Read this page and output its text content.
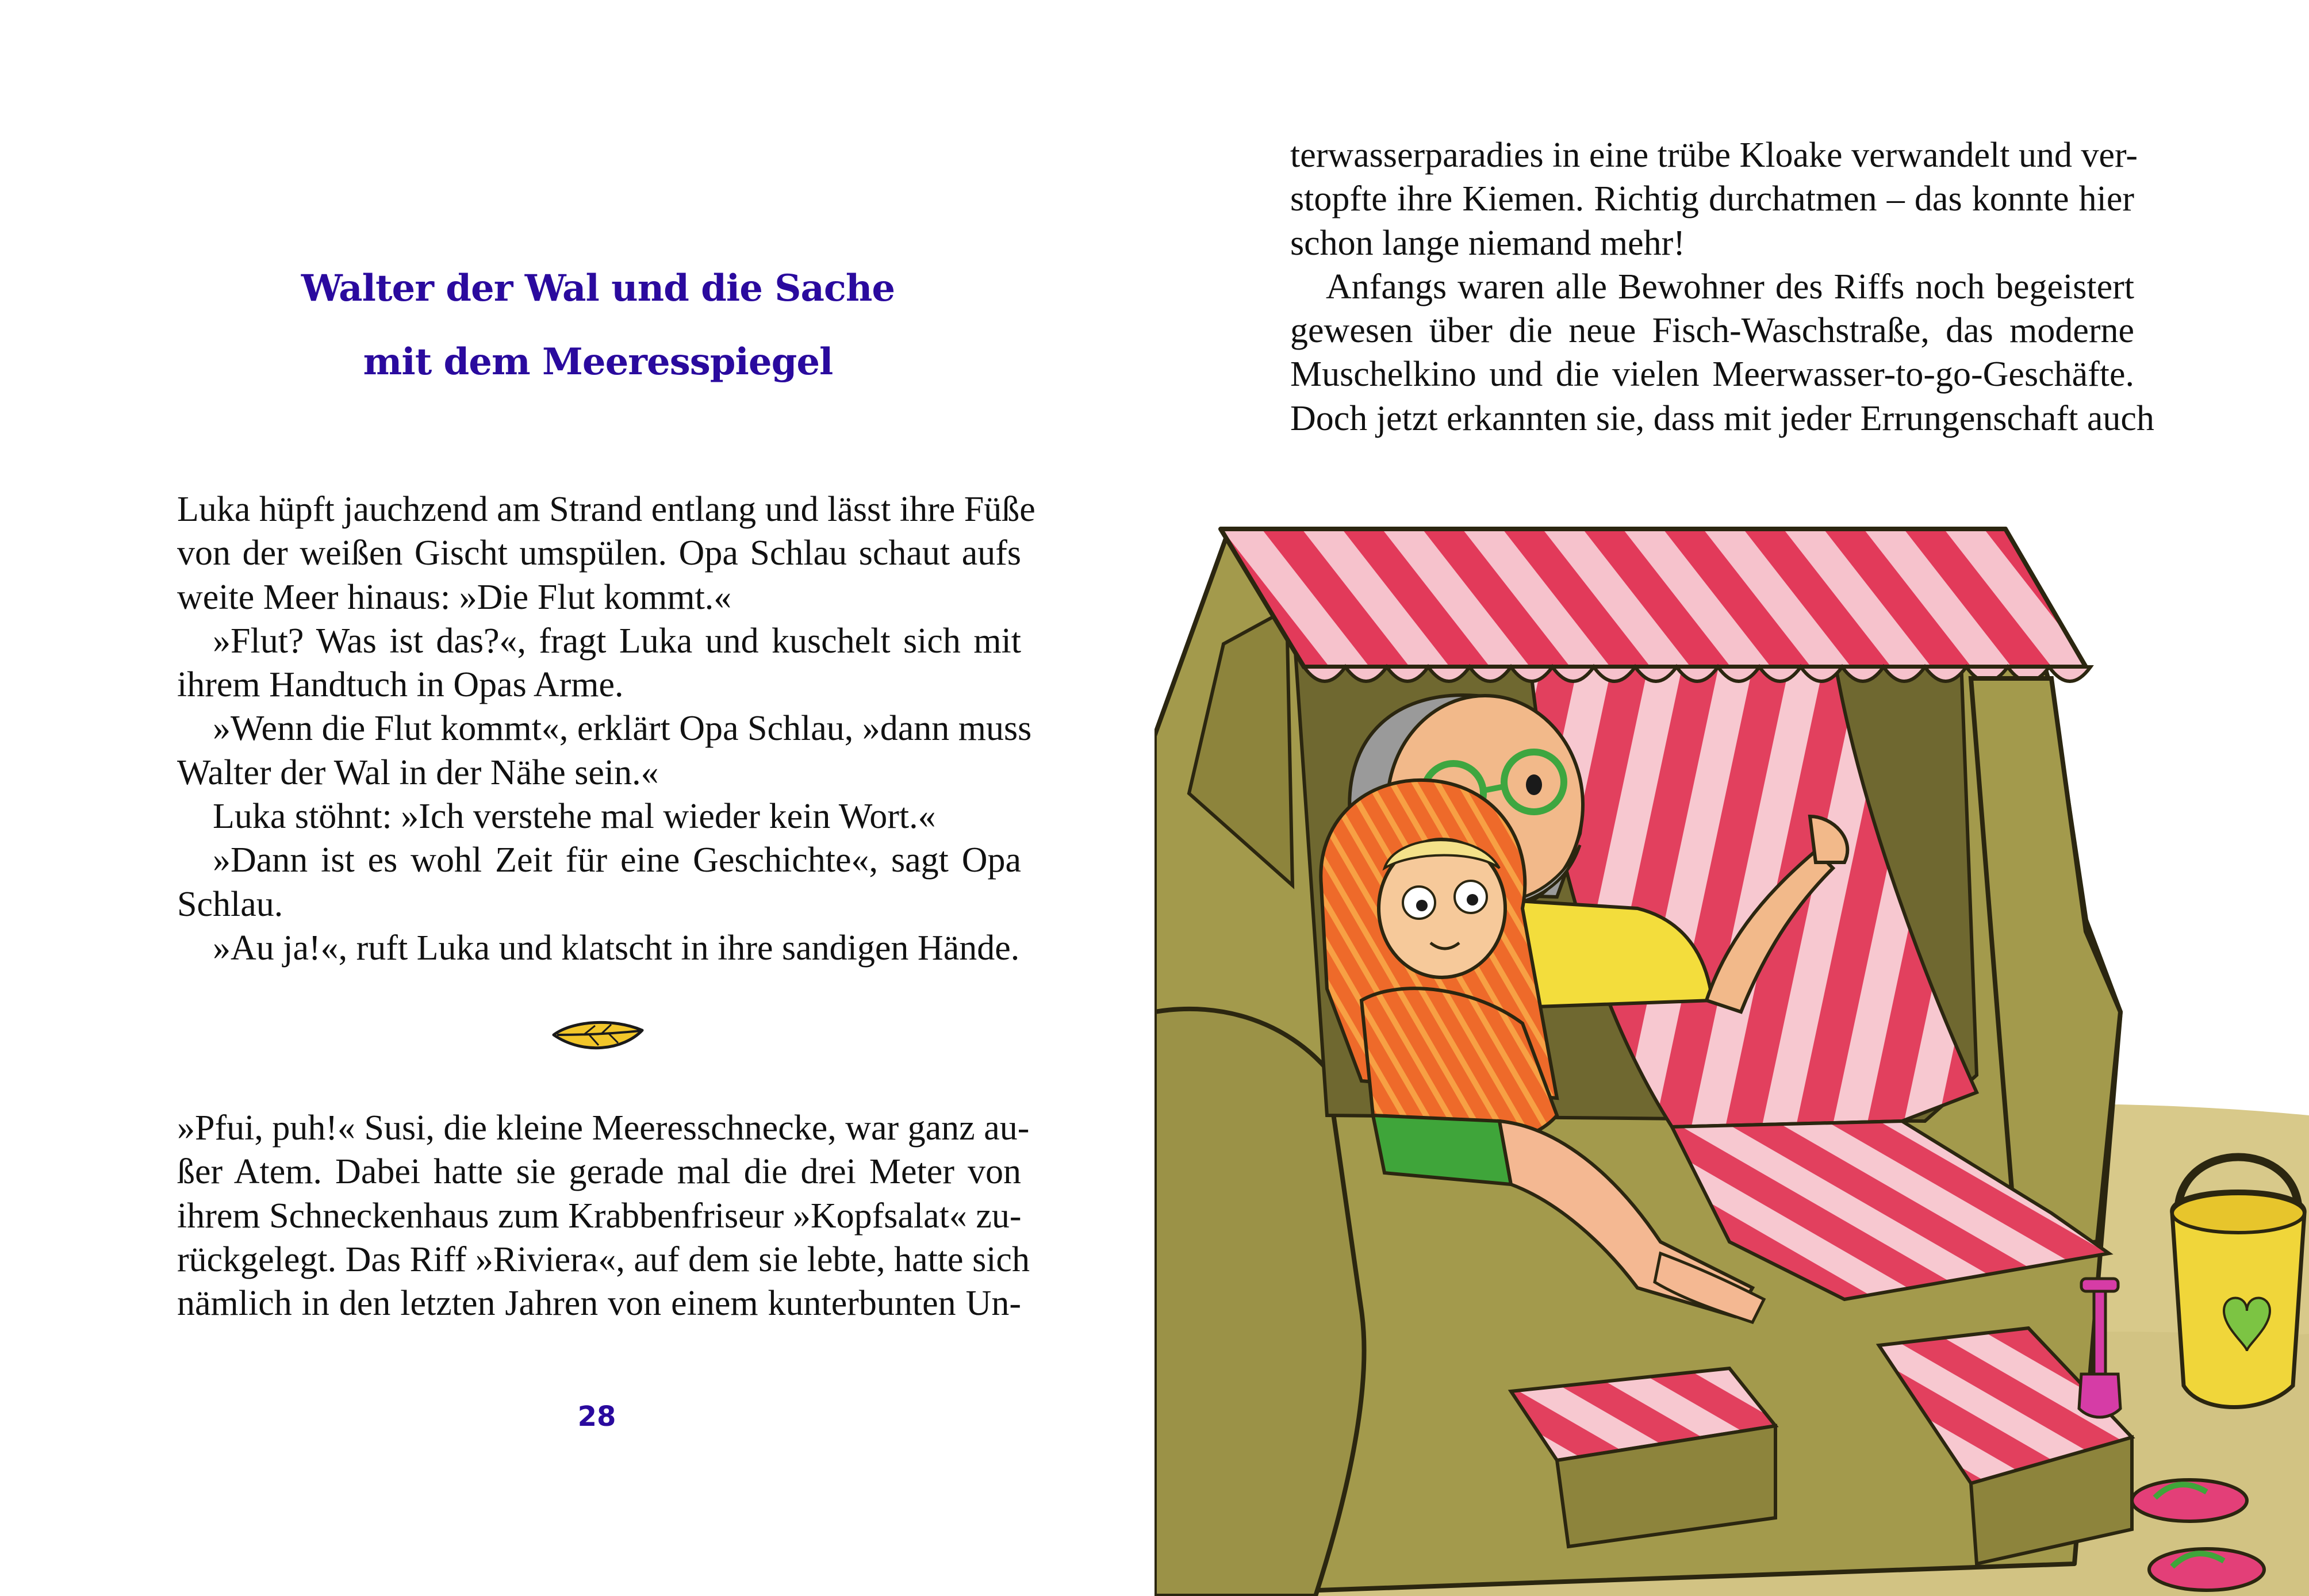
Walter der Wal und die Sache
mit dem Meeresspiegel

Luka hüpft jauchzend am Strand entlang und lässt ihre Füße
von der weißen Gischt umspülen. Opa Schlau schaut aufs
weite Meer hinaus: »Die Flut kommt.«
»Flut? Was ist das?«, fragt Luka und kuschelt sich mit
ihrem Handtuch in Opas Arme.
»Wenn die Flut kommt«, erklärt Opa Schlau, »dann muss
Walter der Wal in der Nähe sein.«
Luka stöhnt: »Ich verstehe mal wieder kein Wort.«
»Dann ist es wohl Zeit für eine Geschichte«, sagt Opa
Schlau.
»Au ja!«, ruft Luka und klatscht in ihre sandigen Hände.

»Pfui, puh!« Susi, die kleine Meeresschnecke, war ganz au-
ßer Atem. Dabei hatte sie gerade mal die drei Meter von
ihrem Schneckenhaus zum Krabbenfriseur »Kopfsalat« zu-
rückgelegt. Das Riff »Riviera«, auf dem sie lebte, hatte sich
nämlich in den letzten Jahren von einem kunterbunten Un-

28

terwasserparadies in eine trübe Kloake verwandelt und ver-
stopfte ihre Kiemen. Richtig durchatmen – das konnte hier
schon lange niemand mehr!
Anfangs waren alle Bewohner des Riffs noch begeistert
gewesen über die neue Fisch-Waschstraße, das moderne
Muschelkino und die vielen Meerwasser-to-go-Geschäfte.
Doch jetzt erkannten sie, dass mit jeder Errungenschaft auch
